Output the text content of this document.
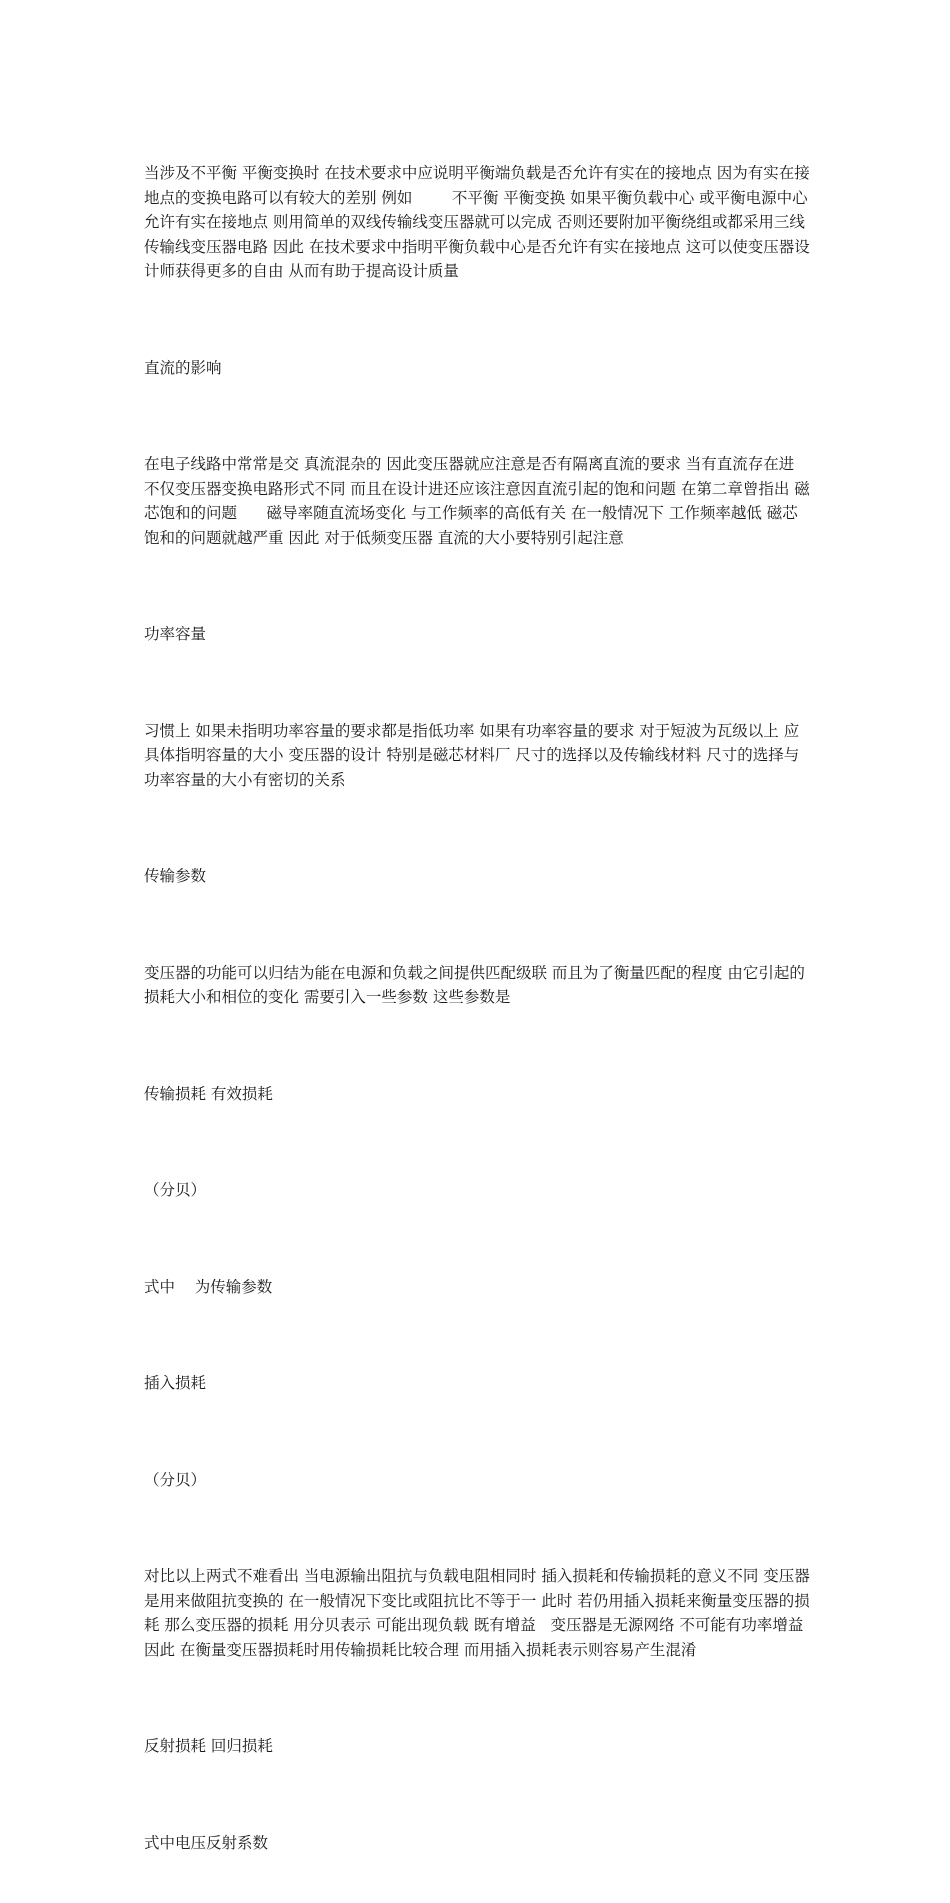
当涉及不平衡 平衡变换时 在技术要求中应说明平衡端负载是否允许有实在的接地点 因为有实在接地点的变换电路可以有较大的差别 例如        不平衡 平衡变换 如果平衡负载中心 或平衡电源中心 允许有实在接地点 则用简单的双线传输线变压器就可以完成 否则还要附加平衡绕组或都采用三线传输线变压器电路 因此 在技术要求中指明平衡负载中心是否允许有实在接地点 这可以使变压器设计师获得更多的自由 从而有助于提高设计质量

直流的影响

在电子线路中常常是交 真流混杂的 因此变压器就应注意是否有隔离直流的要求 当有直流存在进 不仅变压器变换电路形式不同 而且在设计进还应该注意因直流引起的饱和问题 在第二章曾指出 磁芯饱和的问题      磁导率随直流场变化 与工作频率的高低有关 在一般情况下 工作频率越低 磁芯饱和的问题就越严重 因此 对于低频变压器 直流的大小要特别引起注意

功率容量

习惯上 如果未指明功率容量的要求都是指低功率 如果有功率容量的要求 对于短波为瓦级以上 应具体指明容量的大小 变压器的设计 特别是磁芯材料厂 尺寸的选择以及传输线材料 尺寸的选择与功率容量的大小有密切的关系

传输参数

变压器的功能可以归结为能在电源和负载之间提供匹配级联 而且为了衡量匹配的程度 由它引起的损耗大小和相位的变化 需要引入一些参数 这些参数是

传输损耗 有效损耗

（分贝）

式中    为传输参数

插入损耗

（分贝）

对比以上两式不难看出 当电源输出阻抗与负载电阻相同时 插入损耗和传输损耗的意义不同 变压器是用来做阻抗变换的 在一般情况下变比或阻抗比不等于一 此时 若仍用插入损耗来衡量变压器的损耗 那么变压器的损耗 用分贝表示 可能出现负载 既有增益   变压器是无源网络 不可能有功率增益 因此 在衡量变压器损耗时用传输损耗比较合理 而用插入损耗表示则容易产生混淆

反射损耗 回归损耗

式中电压反射系数
